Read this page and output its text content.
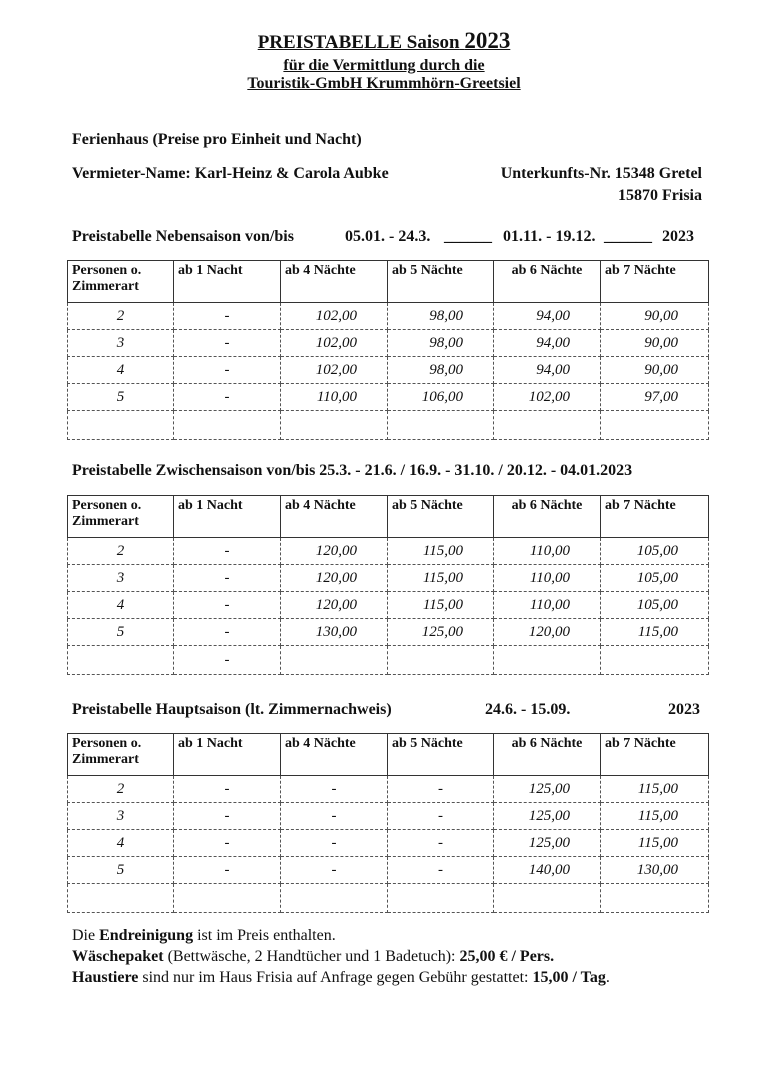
PREISTABELLE Saison 2023
für die Vermittlung durch die
Touristik-GmbH Krummhörn-Greetsiel
Ferienhaus (Preise pro Einheit und Nacht)
Vermieter-Name: Karl-Heinz & Carola Aubke	Unterkunfts-Nr. 15348 Gretel
15870 Frisia
Preistabelle Nebensaison von/bis	05.01. - 24.3. ______ 01.11. - 19.12. ______ 2023
Personen o. Zimmerart	ab 1 Nacht	ab 4 Nächte	ab 5 Nächte	ab 6 Nächte	ab 7 Nächte
2	-	102,00	98,00	94,00	90,00
3	-	102,00	98,00	94,00	90,00
4	-	102,00	98,00	94,00	90,00
5	-	110,00	106,00	102,00	97,00

Preistabelle Zwischensaison von/bis 25.3. - 21.6. / 16.9. - 31.10. / 20.12. - 04.01.2023
Personen o. Zimmerart	ab 1 Nacht	ab 4 Nächte	ab 5 Nächte	ab 6 Nächte	ab 7 Nächte
2	-	120,00	115,00	110,00	105,00
3	-	120,00	115,00	110,00	105,00
4	-	120,00	115,00	110,00	105,00
5	-	130,00	125,00	120,00	115,00
	-				
Preistabelle Hauptsaison (lt. Zimmernachweis)	24.6. - 15.09.	2023
Personen o. Zimmerart	ab 1 Nacht	ab 4 Nächte	ab 5 Nächte	ab 6 Nächte	ab 7 Nächte
2	-	-	-	125,00	115,00
3	-	-	-	125,00	115,00
4	-	-	-	125,00	115,00
5	-	-	-	140,00	130,00

Die Endreinigung ist im Preis enthalten.
Wäschepaket (Bettwäsche, 2 Handtücher und 1 Badetuch): 25,00 € / Pers.
Haustiere sind nur im Haus Frisia auf Anfrage gegen Gebühr gestattet: 15,00 / Tag.
